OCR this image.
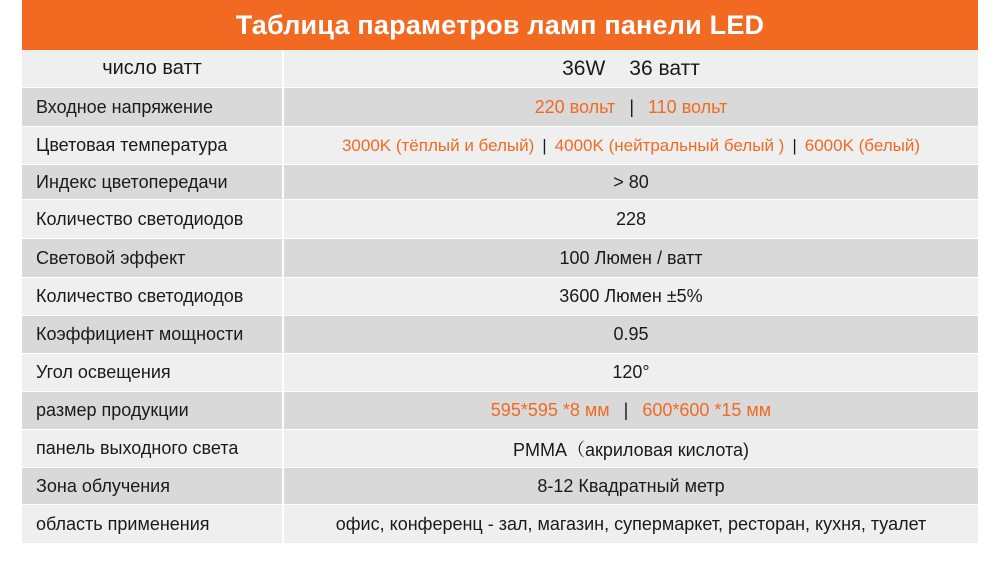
Таблица параметров ламп панели LED
число ватт	36W 36 ватт
Входное напряжение	220 вольт | 110 вольт
Цветовая температура	3000K (тёплый и белый) | 4000K (нейтральный белый ) | 6000K (белый)
Индекс цветопередачи	> 80
Количество светодиодов	228
Световой эффект	100 Люмен / ватт
Количество светодиодов	3600 Люмен ±5%
Коэффициент мощности	0.95
Угол освещения	120°
размер продукции	595*595 *8 мм | 600*600 *15 мм
панель выходного света	PMMA（акриловая кислота)
Зона облучения	8-12 Квадратный метр
область применения	офис, конференц - зал, магазин, супермаркет, ресторан, кухня, туалет
